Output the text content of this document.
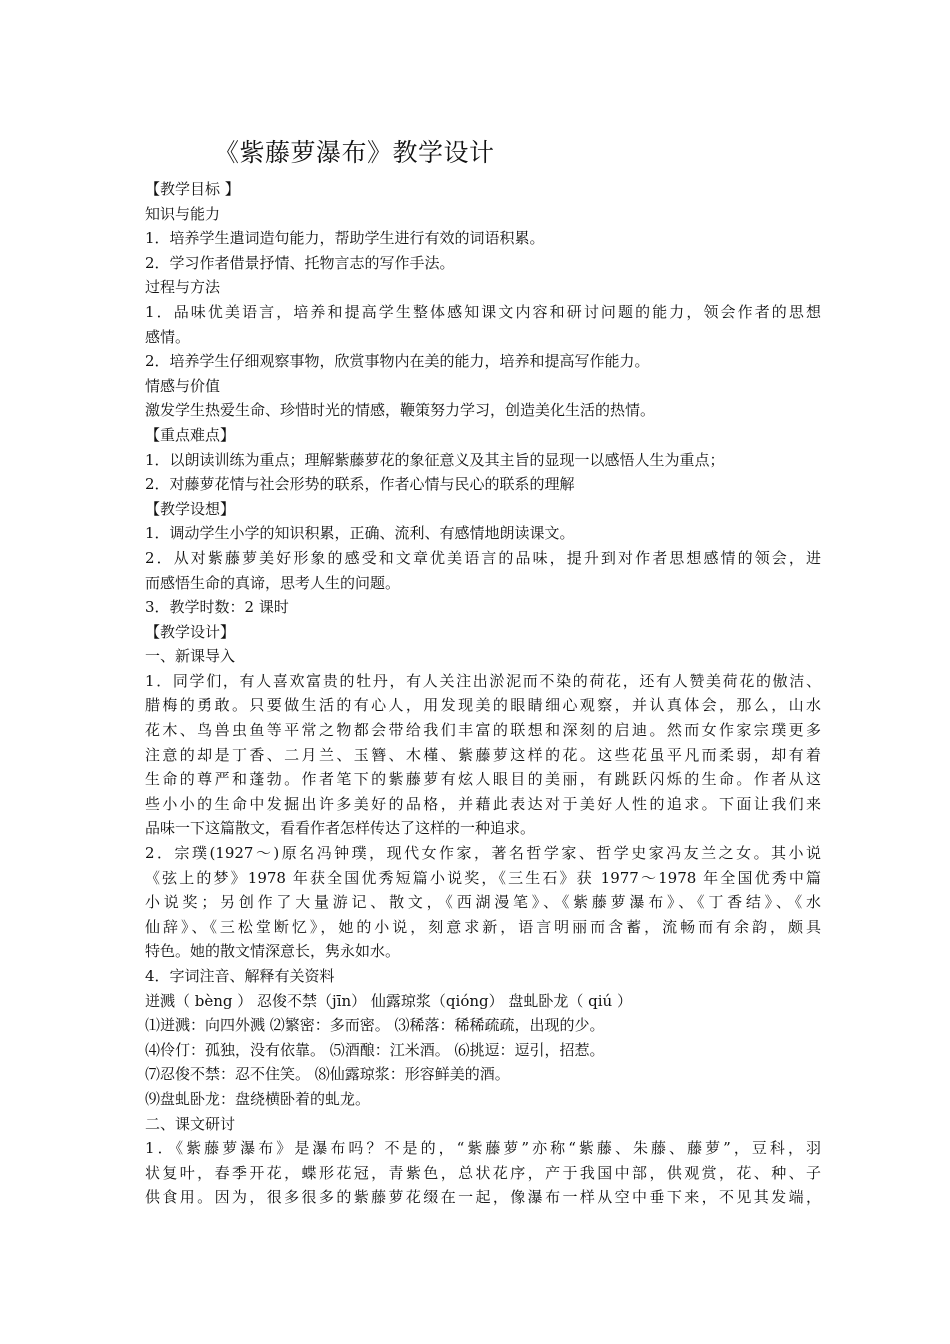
《紫藤萝瀑布》教学设计
【教学目标 】
知识与能力
1．培养学生遣词造句能力，帮助学生进行有效的词语积累。
2．学习作者借景抒情、托物言志的写作手法。
过程与方法
1．品味优美语言，培养和提高学生整体感知课文内容和研讨问题的能力，领会作者的思想
感情。
2．培养学生仔细观察事物，欣赏事物内在美的能力，培养和提高写作能力。
情感与价值
激发学生热爱生命、珍惜时光的情感，鞭策努力学习，创造美化生活的热情。
【重点难点】
1．以朗读训练为重点；理解紫藤萝花的象征意义及其主旨的显现一以感悟人生为重点；
2．对藤萝花情与社会形势的联系，作者心情与民心的联系的理解
【教学设想】
1．调动学生小学的知识积累，正确、流利、有感情地朗读课文。
2．从对紫藤萝美好形象的感受和文章优美语言的品味，提升到对作者思想感情的领会，进
而感悟生命的真谛，思考人生的问题。
3．教学时数：2 课时
【教学设计】
一、新课导入
1．同学们，有人喜欢富贵的牡丹，有人关注出淤泥而不染的荷花，还有人赞美荷花的傲洁、
腊梅的勇敢。只要做生活的有心人，用发现美的眼睛细心观察，并认真体会，那么，山水
花木、鸟兽虫鱼等平常之物都会带给我们丰富的联想和深刻的启迪。然而女作家宗璞更多
注意的却是丁香、二月兰、玉簪、木槿、紫藤萝这样的花。这些花虽平凡而柔弱，却有着
生命的尊严和蓬勃。作者笔下的紫藤萝有炫人眼目的美丽，有跳跃闪烁的生命。作者从这
些小小的生命中发掘出许多美好的品格，并藉此表达对于美好人性的追求。下面让我们来
品味一下这篇散文，看看作者怎样传达了这样的一种追求。
2．宗璞(1927～)原名冯钟璞，现代女作家，著名哲学家、哲学史家冯友兰之女。其小说
《弦上的梦》1978 年获全国优秀短篇小说奖，《三生石》获 1977～1978 年全国优秀中篇
小说奖；另创作了大量游记、散文，《西湖漫笔》、《紫藤萝瀑布》、《丁香结》、《水
仙辞》、《三松堂断忆》，她的小说，刻意求新，语言明丽而含蓄，流畅而有余韵，颇具
特色。她的散文情深意长，隽永如水。
4．字词注音、解释有关资料
迸溅（ bèng ） 忍俊不禁（jīn） 仙露琼浆（qióng） 盘虬卧龙（ qiú ）
⑴迸溅：向四外溅 ⑵繁密：多而密。 ⑶稀落：稀稀疏疏，出现的少。
⑷伶仃：孤独，没有依靠。 ⑸酒酿：江米酒。 ⑹挑逗：逗引，招惹。
⑺忍俊不禁：忍不住笑。 ⑻仙露琼浆：形容鲜美的酒。
⑼盘虬卧龙：盘绕横卧着的虬龙。
二、课文研讨
1．《紫藤萝瀑布》是瀑布吗？不是的，“紫藤萝”亦称“紫藤、朱藤、藤萝”，豆科，羽
状复叶，春季开花，蝶形花冠，青紫色，总状花序，产于我国中部，供观赏，花、种、子
供食用。因为，很多很多的紫藤萝花缀在一起，像瀑布一样从空中垂下来，不见其发端，
